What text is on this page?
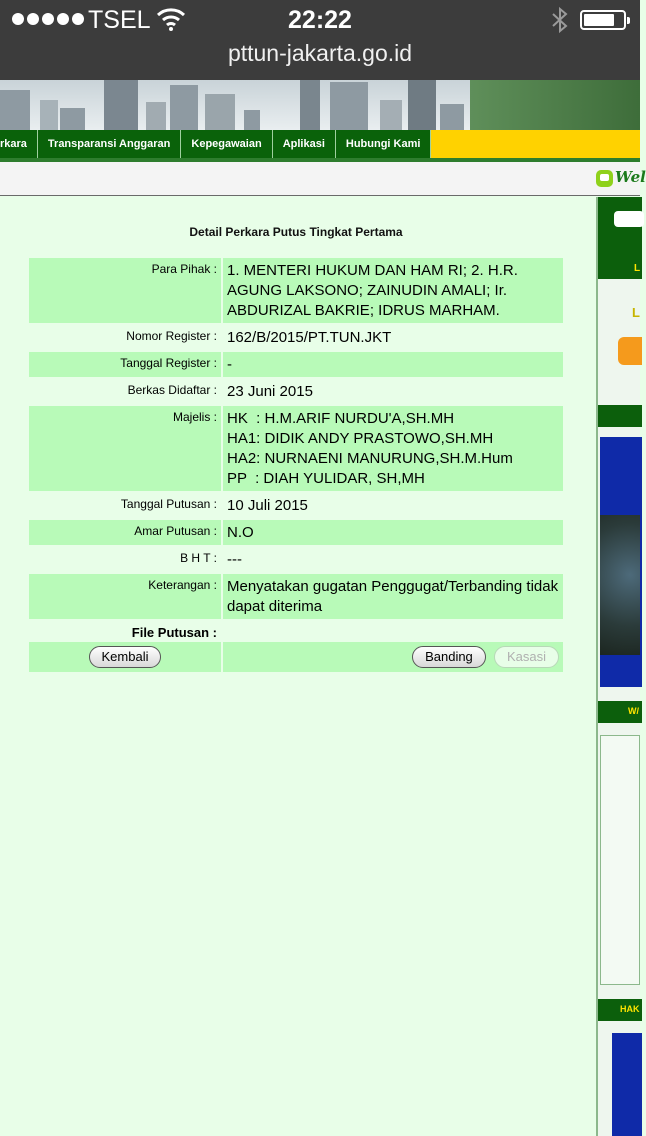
TSEL	22:22
pttun-jakarta.go.id
rkara	Transparansi Anggaran	Kepegawaian	Aplikasi	Hubungi Kami
Wel
Detail Perkara Putus Tingkat Pertama
Para Pihak :	1. MENTERI HUKUM DAN HAM RI; 2. H.R. AGUNG LAKSONO; ZAINUDIN AMALI; Ir. ABDURIZAL BAKRIE; IDRUS MARHAM.
Nomor Register :	162/B/2015/PT.TUN.JKT
Tanggal Register :	-
Berkas Didaftar :	23 Juni 2015
Majelis :	HK  : H.M.ARIF NURDU'A,SH.MH
HA1: DIDIK ANDY PRASTOWO,SH.MH
HA2: NURNAENI MANURUNG,SH.M.Hum
PP  : DIAH YULIDAR, SH,MH

Tanggal Putusan :	10 Juli 2015
Amar Putusan :	N.O
B H T :	---
Keterangan :	Menyatakan gugatan Penggugat/Terbanding tidak dapat diterima
File Putusan :	
Kembali	Banding Kasasi
L
L
W/
HAK
